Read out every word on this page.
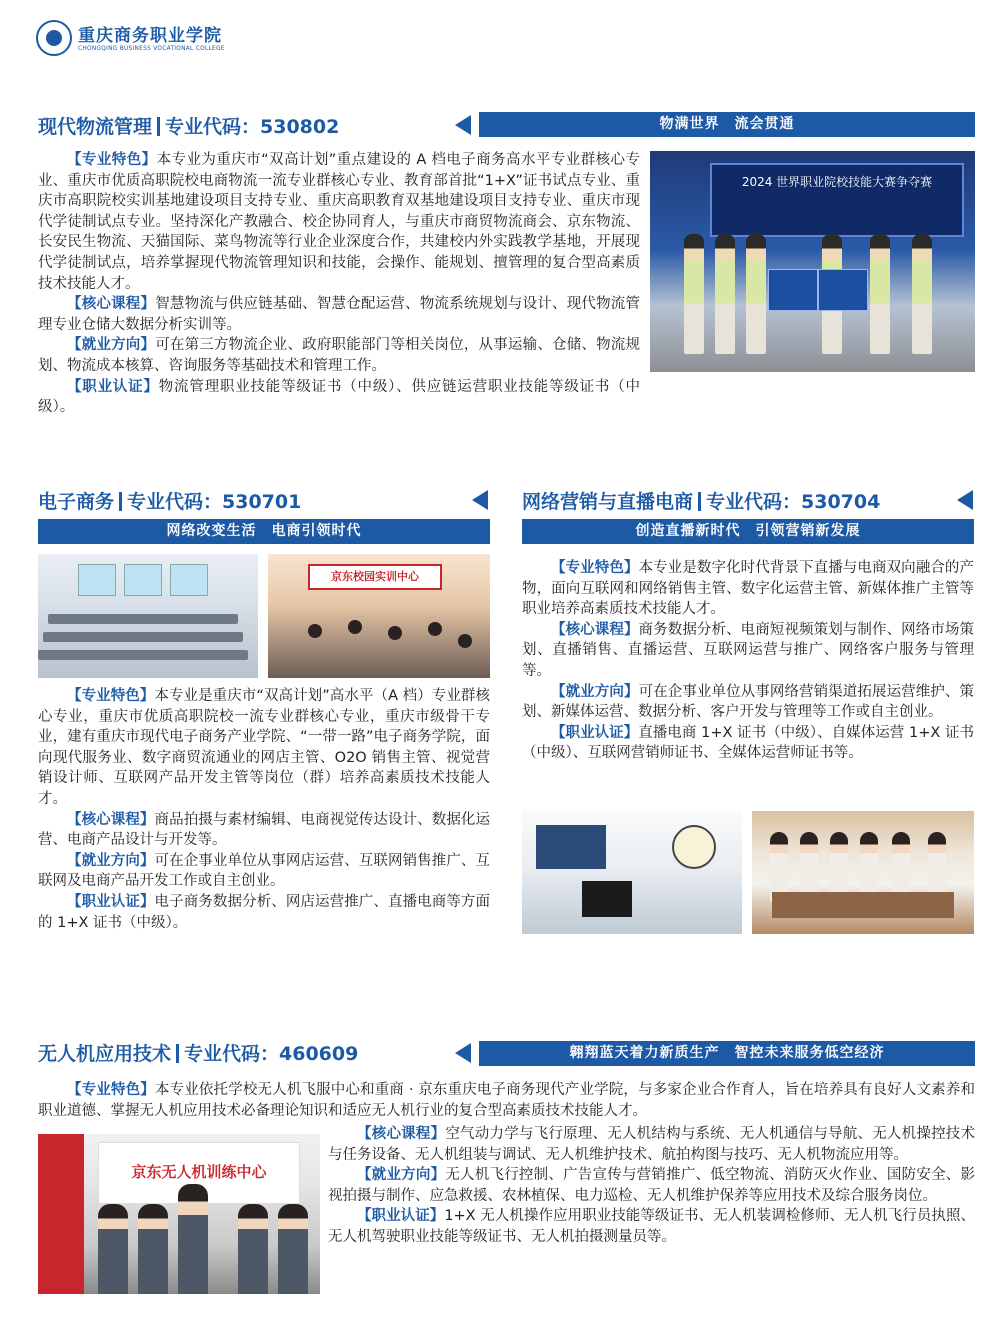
重庆商务职业学院
CHONGQING BUSINESS VOCATIONAL COLLEGE
现代物流管理 专业代码：530802	物满世界　流会贯通

【专业特色】本专业为重庆市“双高计划”重点建设的 A 档电子商务高水平专业群核心专业、重庆市优质高职院校电商物流一流专业群核心专业、教育部首批“1+X”证书试点专业、重庆市高职院校实训基地建设项目支持专业、重庆高职教育双基地建设项目支持专业、重庆市现代学徒制试点专业。坚持深化产教融合、校企协同育人，与重庆市商贸物流商会、京东物流、长安民生物流、天猫国际、菜鸟物流等行业企业深度合作，共建校内外实践教学基地，开展现代学徒制试点，培养掌握现代物流管理知识和技能，会操作、能规划、擅管理的复合型高素质技术技能人才。

【核心课程】智慧物流与供应链基础、智慧仓配运营、物流系统规划与设计、现代物流管理专业仓储大数据分析实训等。

【就业方向】可在第三方物流企业、政府职能部门等相关岗位，从事运输、仓储、物流规划、物流成本核算、咨询服务等基础技术和管理工作。

【职业认证】物流管理职业技能等级证书（中级）、供应链运营职业技能等级证书（中级）。

2024 世界职业院校技能大赛争夺赛
电子商务 专业代码：530701
网络改变生活　电商引领时代
京东校园实训中心

【专业特色】本专业是重庆市“双高计划”高水平（A 档）专业群核心专业，重庆市优质高职院校一流专业群核心专业，重庆市级骨干专业，建有重庆市现代电子商务产业学院、“一带一路”电子商务学院，面向现代服务业、数字商贸流通业的网店主管、O2O 销售主管、视觉营销设计师、互联网产品开发主管等岗位（群）培养高素质技术技能人才。

【核心课程】商品拍摄与素材编辑、电商视觉传达设计、数据化运营、电商产品设计与开发等。

【就业方向】可在企事业单位从事网店运营、互联网销售推广、互联网及电商产品开发工作或自主创业。

【职业认证】电子商务数据分析、网店运营推广、直播电商等方面的 1+X 证书（中级）。

网络营销与直播电商 专业代码：530704
创造直播新时代　引领营销新发展

【专业特色】本专业是数字化时代背景下直播与电商双向融合的产物，面向互联网和网络销售主管、数字化运营主管、新媒体推广主管等职业培养高素质技术技能人才。

【核心课程】商务数据分析、电商短视频策划与制作、网络市场策划、直播销售、直播运营、互联网运营与推广、网络客户服务与管理等。

【就业方向】可在企事业单位从事网络营销渠道拓展运营维护、策划、新媒体运营、数据分析、客户开发与管理等工作或自主创业。

【职业认证】直播电商 1+X 证书（中级）、自媒体运营 1+X 证书（中级）、互联网营销师证书、全媒体运营师证书等。

无人机应用技术 专业代码：460609	翱翔蓝天着力新质生产　智控未来服务低空经济

【专业特色】本专业依托学校无人机飞服中心和重商 · 京东重庆电子商务现代产业学院，与多家企业合作育人，旨在培养具有良好人文素养和职业道德、掌握无人机应用技术必备理论知识和适应无人机行业的复合型高素质技术技能人才。

京东无人机训练中心

【核心课程】空气动力学与飞行原理、无人机结构与系统、无人机通信与导航、无人机操控技术与任务设备、无人机组装与调试、无人机维护技术、航拍构图与技巧、无人机物流应用等。

【就业方向】无人机飞行控制、广告宣传与营销推广、低空物流、消防灭火作业、国防安全、影视拍摄与制作、应急救援、农林植保、电力巡检、无人机维护保养等应用技术及综合服务岗位。

【职业认证】1+X 无人机操作应用职业技能等级证书、无人机装调检修师、无人机飞行员执照、无人机驾驶职业技能等级证书、无人机拍摄测量员等。
